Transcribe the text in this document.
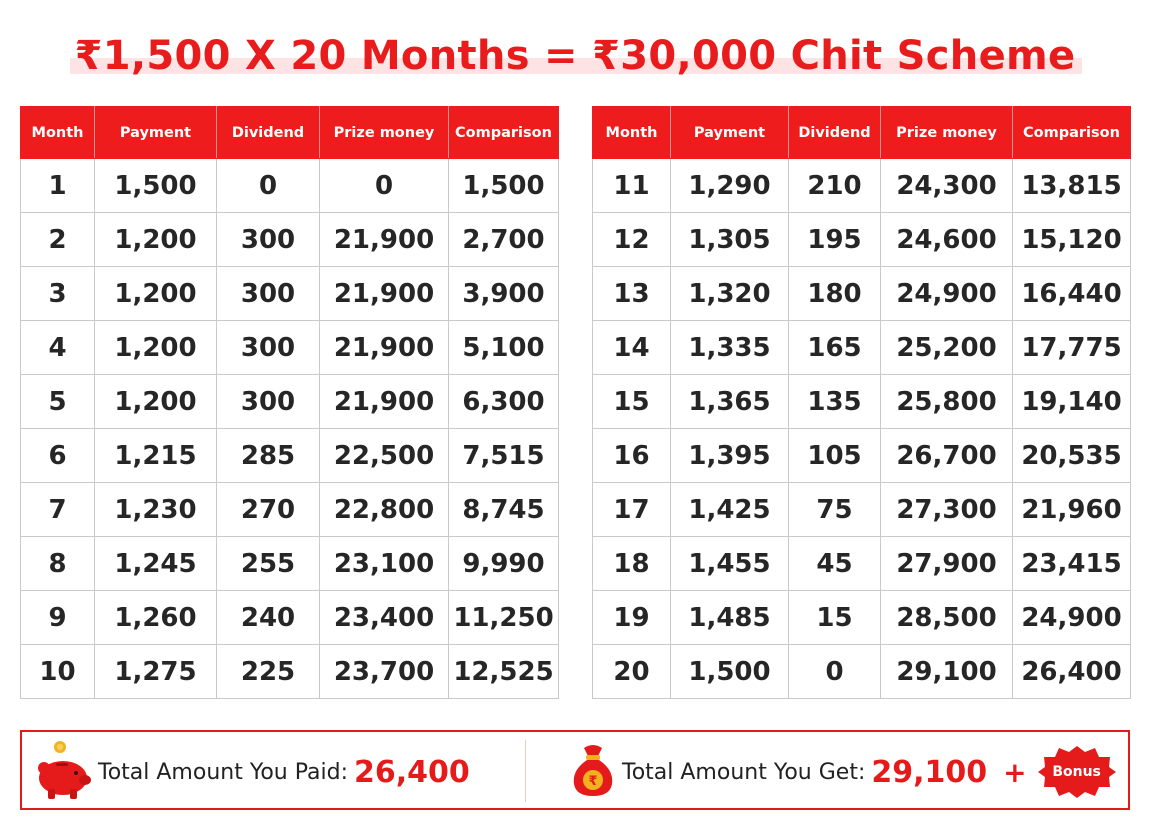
₹1,500 X 20 Months = ₹30,000 Chit Scheme
Month	Payment	Dividend	Prize money	Comparison
1	1,500	0	0	1,500
2	1,200	300	21,900	2,700
3	1,200	300	21,900	3,900
4	1,200	300	21,900	5,100
5	1,200	300	21,900	6,300
6	1,215	285	22,500	7,515
7	1,230	270	22,800	8,745
8	1,245	255	23,100	9,990
9	1,260	240	23,400	11,250
10	1,275	225	23,700	12,525
Month	Payment	Dividend	Prize money	Comparison
11	1,290	210	24,300	13,815
12	1,305	195	24,600	15,120
13	1,320	180	24,900	16,440
14	1,335	165	25,200	17,775
15	1,365	135	25,800	19,140
16	1,395	105	26,700	20,535
17	1,425	75	27,300	21,960
18	1,455	45	27,900	23,415
19	1,485	15	28,500	24,900
20	1,500	0	29,100	26,400
Total Amount You Paid: 26,400	₹ Total Amount You Get: 29,100 +	Bonus
